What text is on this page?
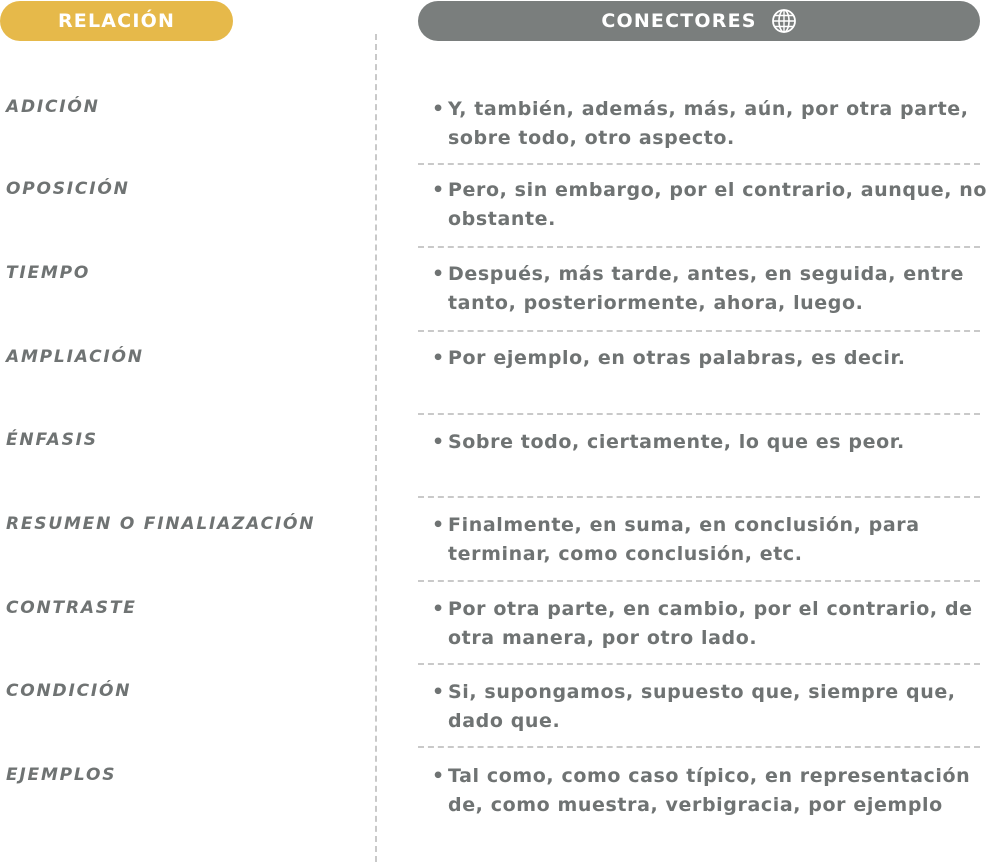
RELACIÓN	CONECTORES
ADICIÓN	• Y, también, además, más, aún, por otra parte, sobre todo, otro aspecto.
OPOSICIÓN	• Pero, sin embargo, por el contrario, aunque, no obstante.
TIEMPO	• Después, más tarde, antes, en seguida, entre tanto, posteriormente, ahora, luego.
AMPLIACIÓN	• Por ejemplo, en otras palabras, es decir.
ÉNFASIS	• Sobre todo, ciertamente, lo que es peor.
RESUMEN O FINALIAZACIÓN	• Finalmente, en suma, en conclusión, para terminar, como conclusión, etc.
CONTRASTE	• Por otra parte, en cambio, por el contrario, de otra manera, por otro lado.
CONDICIÓN	• Si, supongamos, supuesto que, siempre que, dado que.
EJEMPLOS	• Tal como, como caso típico, en representación de, como muestra, verbigracia, por ejemplo
